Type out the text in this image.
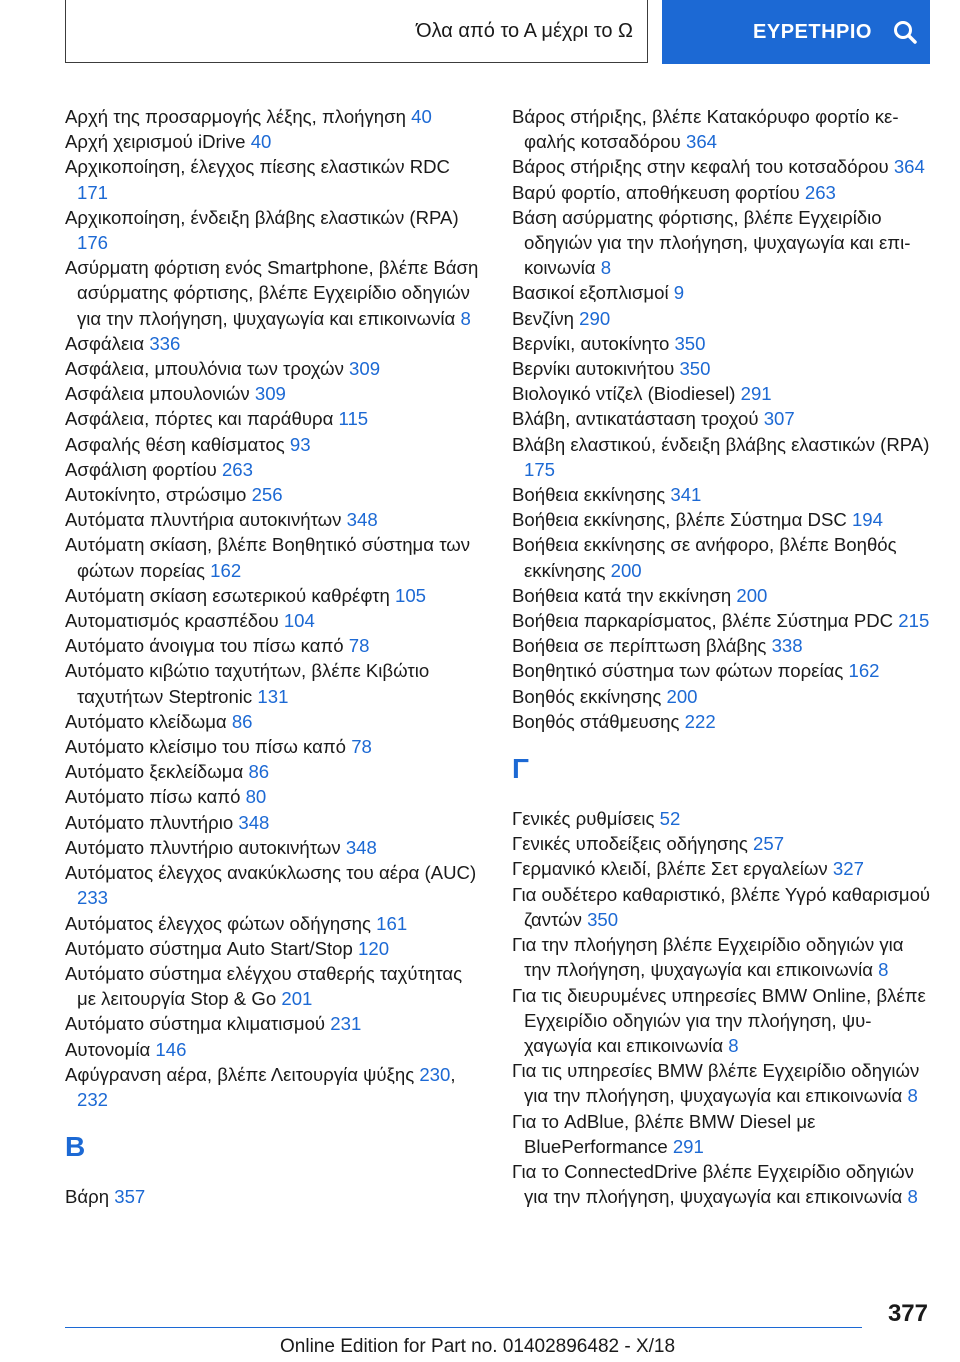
Όλα από το Α μέχρι το Ω	ΕΥΡΕΤΗΡΙΟ
Αρχή της προσαρμογής λέξης, πλοήγηση 40
Αρχή χειρισμού iDrive 40
Αρχικοποίηση, έλεγχος πίεσης ελαστικών RDC 171
Αρχικοποίηση, ένδειξη βλάβης ελαστικών (RPA) 176
Ασύρματη φόρτιση ενός Smartphone, βλέπε Βάση ασύρματης φόρτισης, βλέπε Εγχειρίδιο οδηγιών για την πλοήγηση, ψυχαγωγία και επικοινωνία 8
Ασφάλεια 336
Ασφάλεια, μπουλόνια των τροχών 309
Ασφάλεια μπουλονιών 309
Ασφάλεια, πόρτες και παράθυρα 115
Ασφαλής θέση καθίσματος 93
Ασφάλιση φορτίου 263
Αυτοκίνητο, στρώσιμο 256
Αυτόματα πλυντήρια αυτοκινήτων 348
Αυτόματη σκίαση, βλέπε Βοηθητικό σύστημα των φώτων πορείας 162
Αυτόματη σκίαση εσωτερικού καθρέφτη 105
Αυτοματισμός κρασπέδου 104
Αυτόματο άνοιγμα του πίσω καπό 78
Αυτόματο κιβώτιο ταχυτήτων, βλέπε Κιβώτιο ταχυτήτων Steptronic 131
Αυτόματο κλείδωμα 86
Αυτόματο κλείσιμο του πίσω καπό 78
Αυτόματο ξεκλείδωμα 86
Αυτόματο πίσω καπό 80
Αυτόματο πλυντήριο 348
Αυτόματο πλυντήριο αυτοκινήτων 348
Αυτόματος έλεγχος ανακύκλωσης του αέρα (AUC) 233
Αυτόματος έλεγχος φώτων οδήγησης 161
Αυτόματο σύστημα Auto Start/Stop 120
Αυτόματο σύστημα ελέγχου σταθερής ταχύτητας με λειτουργία Stop & Go 201
Αυτόματο σύστημα κλιματισμού 231
Αυτονομία 146
Αφύγρανση αέρα, βλέπε Λειτουργία ψύξης 230, 232
Β
Βάρη 357
Βάρος στήριξης, βλέπε Κατακόρυφο φορτίο κεφαλής κοτσαδόρου 364
Βάρος στήριξης στην κεφαλή του κοτσαδόρου 364
Βαρύ φορτίο, αποθήκευση φορτίου 263
Βάση ασύρματης φόρτισης, βλέπε Εγχειρίδιο οδηγιών για την πλοήγηση, ψυχαγωγία και επικοινωνία 8
Βασικοί εξοπλισμοί 9
Βενζίνη 290
Βερνίκι, αυτοκίνητο 350
Βερνίκι αυτοκινήτου 350
Βιολογικό ντίζελ (Biodiesel) 291
Βλάβη, αντικατάσταση τροχού 307
Βλάβη ελαστικού, ένδειξη βλάβης ελαστικών (RPA) 175
Βοήθεια εκκίνησης 341
Βοήθεια εκκίνησης, βλέπε Σύστημα DSC 194
Βοήθεια εκκίνησης σε ανήφορο, βλέπε Βοηθός εκκίνησης 200
Βοήθεια κατά την εκκίνηση 200
Βοήθεια παρκαρίσματος, βλέπε Σύστημα PDC 215
Βοήθεια σε περίπτωση βλάβης 338
Βοηθητικό σύστημα των φώτων πορείας 162
Βοηθός εκκίνησης 200
Βοηθός στάθμευσης 222
Γ
Γενικές ρυθμίσεις 52
Γενικές υποδείξεις οδήγησης 257
Γερμανικό κλειδί, βλέπε Σετ εργαλείων 327
Για ουδέτερο καθαριστικό, βλέπε Υγρό καθαρισμού ζαντών 350
Για την πλοήγηση βλέπε Εγχειρίδιο οδηγιών για την πλοήγηση, ψυχαγωγία και επικοινωνία 8
Για τις διευρυμένες υπηρεσίες BMW Online, βλέπε Εγχειρίδιο οδηγιών για την πλοήγηση, ψυχαγωγία και επικοινωνία 8
Για τις υπηρεσίες BMW βλέπε Εγχειρίδιο οδηγιών για την πλοήγηση, ψυχαγωγία και επικοινωνία 8
Για το AdBlue, βλέπε BMW Diesel με BluePerformance 291
Για το ConnectedDrive βλέπε Εγχειρίδιο οδηγιών για την πλοήγηση, ψυχαγωγία και επικοινωνία 8
377
Online Edition for Part no. 01402896482 - X/18
